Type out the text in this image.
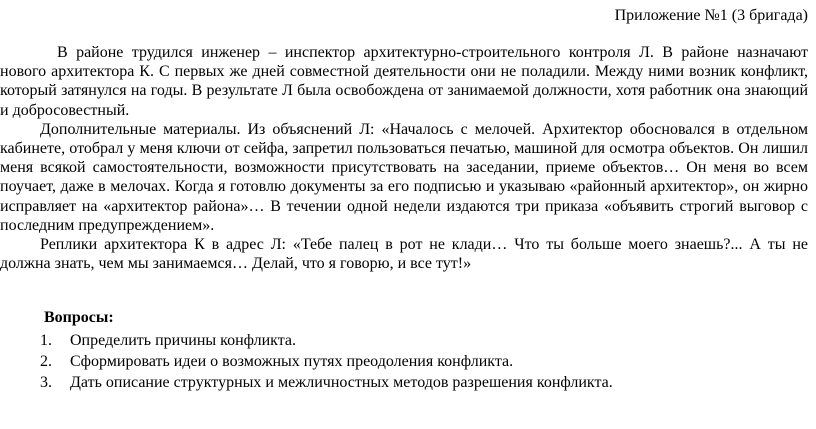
Приложение №1 (3 бригада)

В районе трудился инженер – инспектор архитектурно-строительного контроля Л. В районе назначают нового архитектора К. С первых же дней совместной деятельности они не поладили. Между ними возник конфликт, который затянулся на годы. В результате Л была освобождена от занимаемой должности, хотя работник она знающий и добросовестный.

Дополнительные материалы. Из объяснений Л: «Началось с мелочей. Архитектор обосновался в отдельном кабинете, отобрал у меня ключи от сейфа, запретил пользоваться печатью, машиной для осмотра объектов. Он лишил меня всякой самостоятельности, возможности присутствовать на заседании, приеме объектов… Он меня во всем поучает, даже в мелочах. Когда я готовлю документы за его подписью и указываю «районный архитектор», он жирно исправляет на «архитектор района»… В течении одной недели издаются три приказа «объявить строгий выговор с последним предупреждением».

Реплики архитектора К в адрес Л: «Тебе палец в рот не клади… Что ты больше моего знаешь?... А ты не должна знать, чем мы занимаемся… Делай, что я говорю, и все тут!»

Вопросы:

1.	Определить причины конфликта.
2.	Сформировать идеи о возможных путях преодоления конфликта.
3.	Дать описание структурных и межличностных методов разрешения конфликта.
